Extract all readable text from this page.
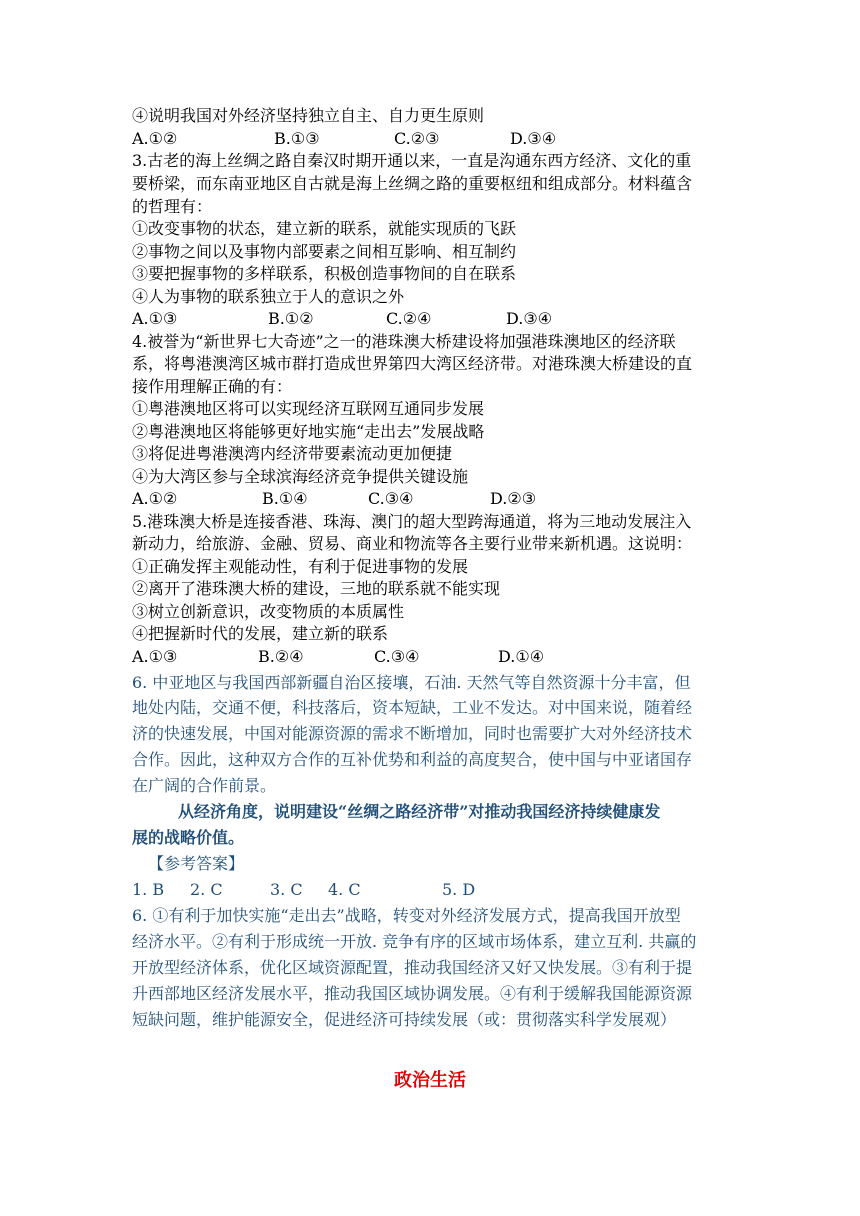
④说明我国对外经济坚持独立自主、自力更生原则
A.①②	B.①③	C.②③	D.③④
3.古老的海上丝绸之路自秦汉时期开通以来，一直是沟通东西方经济、文化的重
要桥梁，而东南亚地区自古就是海上丝绸之路的重要枢纽和组成部分。材料蕴含
的哲理有：
①改变事物的状态，建立新的联系，就能实现质的飞跃
②事物之间以及事物内部要素之间相互影响、相互制约
③要把握事物的多样联系，积极创造事物间的自在联系
④人为事物的联系独立于人的意识之外
A.①③	B.①②	C.②④	D.③④
4.被誉为“新世界七大奇迹”之一的港珠澳大桥建设将加强港珠澳地区的经济联
系，将粤港澳湾区城市群打造成世界第四大湾区经济带。对港珠澳大桥建设的直
接作用理解正确的有：
①粤港澳地区将可以实现经济互联网互通同步发展
②粤港澳地区将能够更好地实施“走出去”发展战略
③将促进粤港澳湾内经济带要素流动更加便捷
④为大湾区参与全球滨海经济竞争提供关键设施
A.①②	B.①④	C.③④	D.②③
5.港珠澳大桥是连接香港、珠海、澳门的超大型跨海通道，将为三地动发展注入
新动力，给旅游、金融、贸易、商业和物流等各主要行业带来新机遇。这说明：
①正确发挥主观能动性，有利于促进事物的发展
②离开了港珠澳大桥的建设，三地的联系就不能实现
③树立创新意识，改变物质的本质属性
④把握新时代的发展，建立新的联系
A.①③	B.②④	C.③④	D.①④
6. 中亚地区与我国西部新疆自治区接壤，石油. 天然气等自然资源十分丰富，但
地处内陆，交通不便，科技落后，资本短缺，工业不发达。对中国来说，随着经
济的快速发展，中国对能源资源的需求不断增加，同时也需要扩大对外经济技术
合作。因此，这种双方合作的互补优势和利益的高度契合，使中国与中亚诸国存
在广阔的合作前景。
从经济角度，说明建设“丝绸之路经济带”对推动我国经济持续健康发
展的战略价值。
【参考答案】
1. B 2. C	3. C 4. C	5. D
6. ①有利于加快实施“走出去”战略，转变对外经济发展方式，提高我国开放型
经济水平。②有利于形成统一开放. 竞争有序的区域市场体系，建立互利. 共赢的
开放型经济体系，优化区域资源配置，推动我国经济又好又快发展。③有利于提
升西部地区经济发展水平，推动我国区域协调发展。④有利于缓解我国能源资源
短缺问题，维护能源安全，促进经济可持续发展（或：贯彻落实科学发展观）
政治生活
